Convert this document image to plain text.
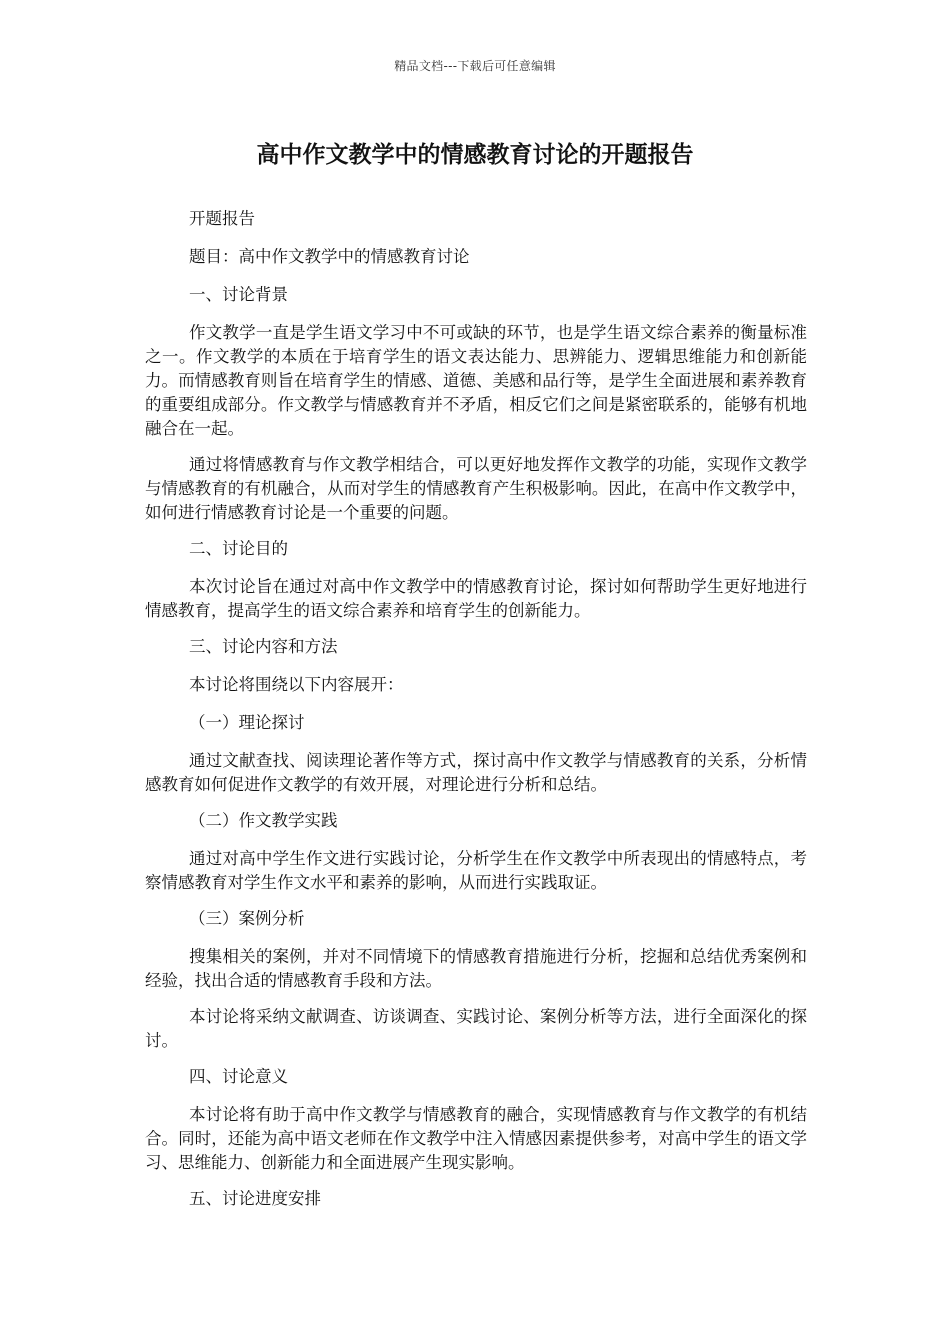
精品文档---下载后可任意编辑
高中作文教学中的情感教育讨论的开题报告

开题报告

题目：高中作文教学中的情感教育讨论

一、讨论背景

作文教学一直是学生语文学习中不可或缺的环节，也是学生语文综合素养的衡量标准之一。作文教学的本质在于培育学生的语文表达能力、思辨能力、逻辑思维能力和创新能力。而情感教育则旨在培育学生的情感、道德、美感和品行等，是学生全面进展和素养教育的重要组成部分。作文教学与情感教育并不矛盾，相反它们之间是紧密联系的，能够有机地融合在一起。

通过将情感教育与作文教学相结合，可以更好地发挥作文教学的功能，实现作文教学与情感教育的有机融合，从而对学生的情感教育产生积极影响。因此，在高中作文教学中，如何进行情感教育讨论是一个重要的问题。

二、讨论目的

本次讨论旨在通过对高中作文教学中的情感教育讨论，探讨如何帮助学生更好地进行情感教育，提高学生的语文综合素养和培育学生的创新能力。

三、讨论内容和方法

本讨论将围绕以下内容展开：

（一）理论探讨

通过文献查找、阅读理论著作等方式，探讨高中作文教学与情感教育的关系，分析情感教育如何促进作文教学的有效开展，对理论进行分析和总结。

（二）作文教学实践

通过对高中学生作文进行实践讨论，分析学生在作文教学中所表现出的情感特点，考察情感教育对学生作文水平和素养的影响，从而进行实践取证。

（三）案例分析

搜集相关的案例，并对不同情境下的情感教育措施进行分析，挖掘和总结优秀案例和经验，找出合适的情感教育手段和方法。

本讨论将采纳文献调查、访谈调查、实践讨论、案例分析等方法，进行全面深化的探讨。

四、讨论意义

本讨论将有助于高中作文教学与情感教育的融合，实现情感教育与作文教学的有机结合。同时，还能为高中语文老师在作文教学中注入情感因素提供参考，对高中学生的语文学习、思维能力、创新能力和全面进展产生现实影响。

五、讨论进度安排
